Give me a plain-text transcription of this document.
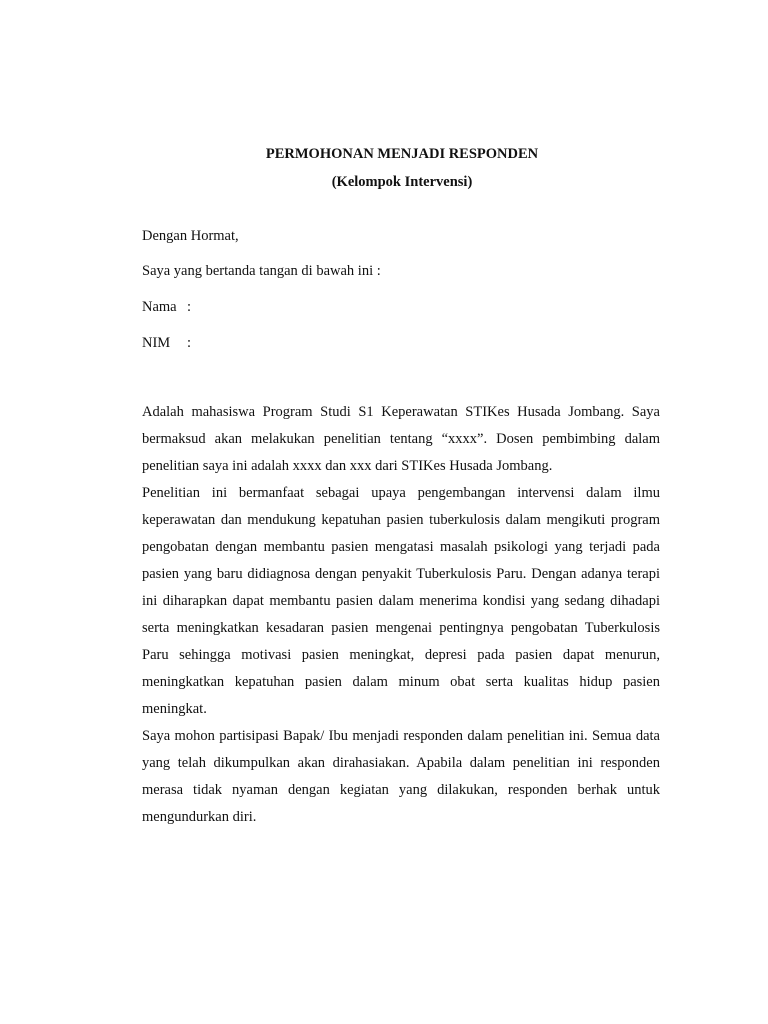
PERMOHONAN MENJADI RESPONDEN
(Kelompok Intervensi)
Dengan Hormat,
Saya yang bertanda tangan di bawah ini :
Nama :
NIM :

Adalah mahasiswa Program Studi S1 Keperawatan STIKes Husada Jombang. Saya bermaksud akan melakukan penelitian tentang “xxxx”. Dosen pembimbing dalam penelitian saya ini adalah xxxx dan xxx dari STIKes Husada Jombang.

Penelitian ini bermanfaat sebagai upaya pengembangan intervensi dalam ilmu keperawatan dan mendukung kepatuhan pasien tuberkulosis dalam mengikuti program pengobatan dengan membantu pasien mengatasi masalah psikologi yang terjadi pada pasien yang baru didiagnosa dengan penyakit Tuberkulosis Paru. Dengan adanya terapi ini diharapkan dapat membantu pasien dalam menerima kondisi yang sedang dihadapi serta meningkatkan kesadaran pasien mengenai pentingnya pengobatan Tuberkulosis Paru sehingga motivasi pasien meningkat, depresi pada pasien dapat menurun, meningkatkan kepatuhan pasien dalam minum obat serta kualitas hidup pasien meningkat.

Saya mohon partisipasi Bapak/ Ibu menjadi responden dalam penelitian ini. Semua data yang telah dikumpulkan akan dirahasiakan. Apabila dalam penelitian ini responden merasa tidak nyaman dengan kegiatan yang dilakukan, responden berhak untuk mengundurkan diri.
